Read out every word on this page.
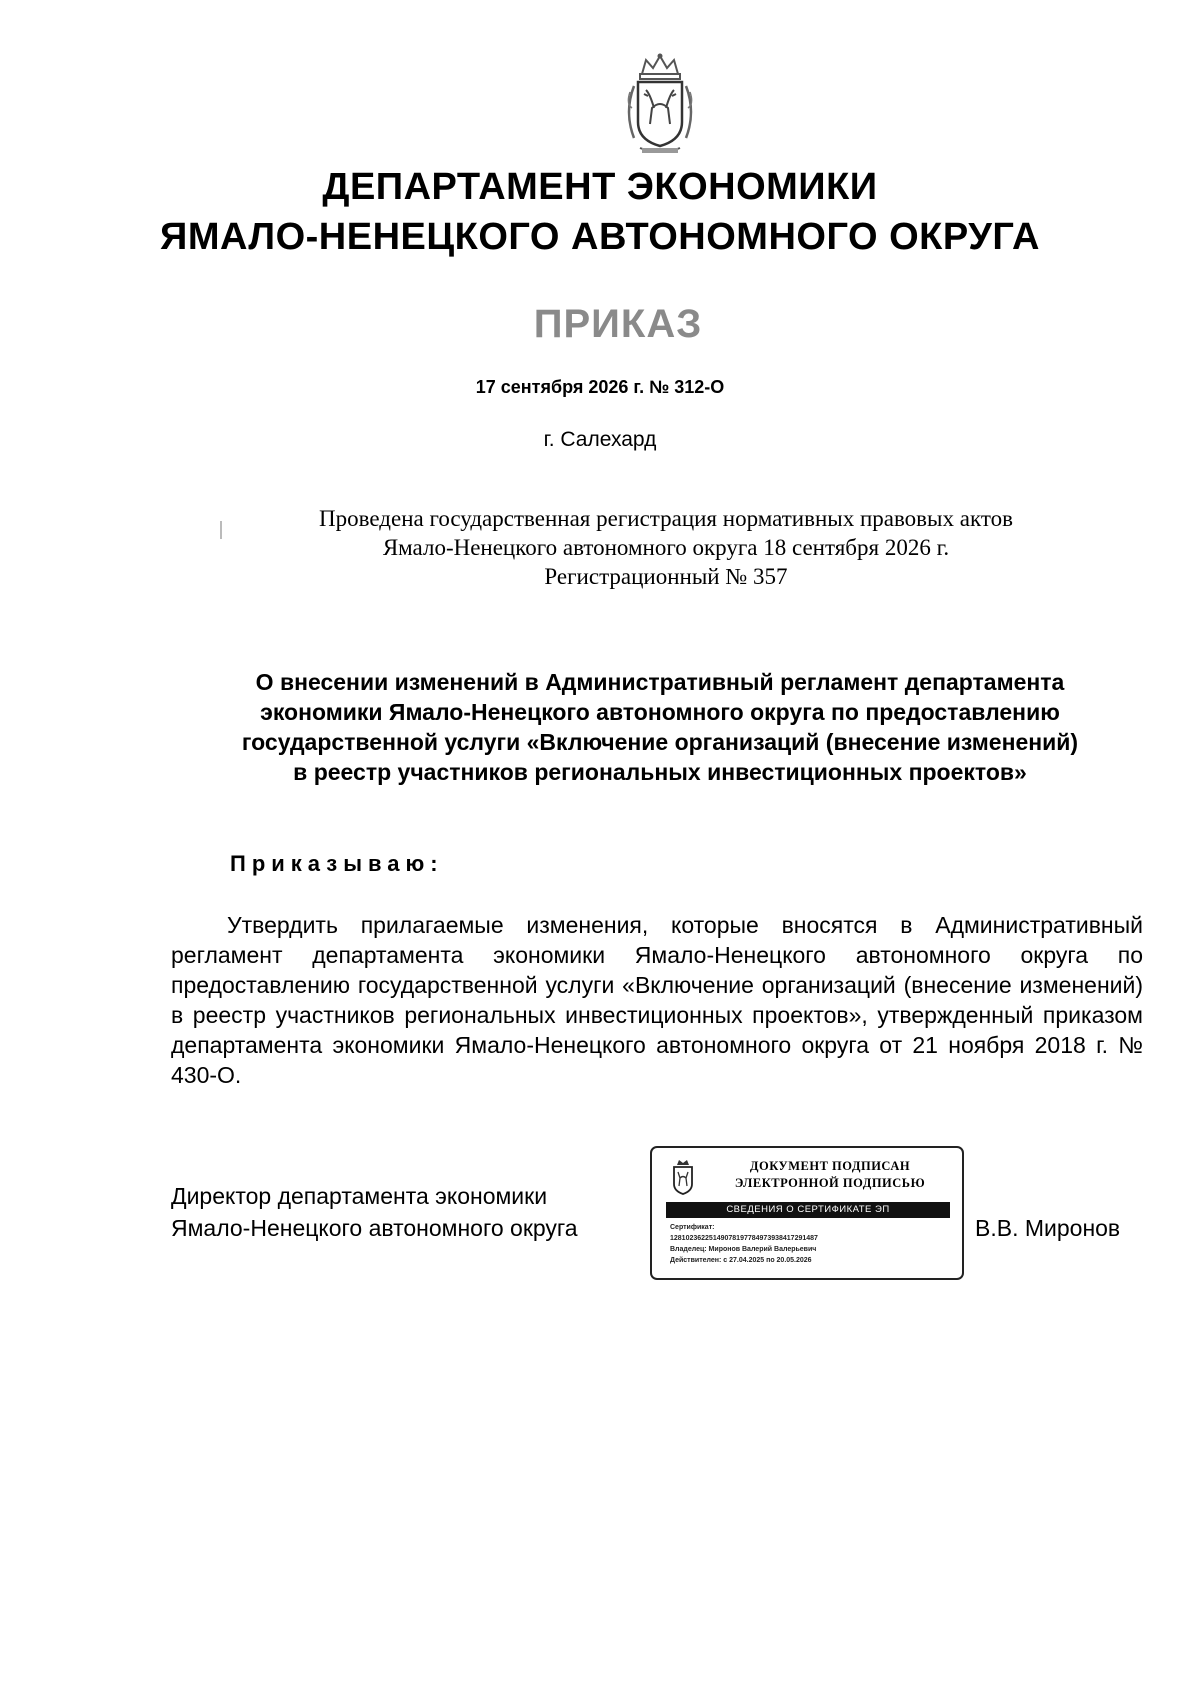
ДЕПАРТАМЕНТ ЭКОНОМИКИ
ЯМАЛО-НЕНЕЦКОГО АВТОНОМНОГО ОКРУГА
ПРИКАЗ
17 сентября 2026 г. № 312-О
г. Салехард
Проведена государственная регистрация нормативных правовых актов
Ямало-Ненецкого автономного округа 18 сентября 2026 г.
Регистрационный № 357
О внесении изменений в Административный регламент департамента
экономики Ямало-Ненецкого автономного округа по предоставлению
государственной услуги «Включение организаций (внесение изменений)
в реестр участников региональных инвестиционных проектов»
Приказываю:
Утвердить прилагаемые изменения, которые вносятся в Административный регламент департамента экономики Ямало-Ненецкого автономного округа по предоставлению государственной услуги «Включение организаций (внесение изменений) в реестр участников региональных инвестиционных проектов», утвержденный приказом департамента экономики Ямало-Ненецкого автономного округа от 21 ноября 2018 г. № 430-О.
Директор департамента экономики
Ямало-Ненецкого автономного округа
ДОКУМЕНТ ПОДПИСАН
ЭЛЕКТРОННОЙ ПОДПИСЬЮ
СВЕДЕНИЯ О СЕРТИФИКАТЕ ЭП
Сертификат:
12810236225149078197784973938417291487
Владелец: Миронов Валерий Валерьевич
Действителен: с 27.04.2025 по 20.05.2026
В.В. Миронов
